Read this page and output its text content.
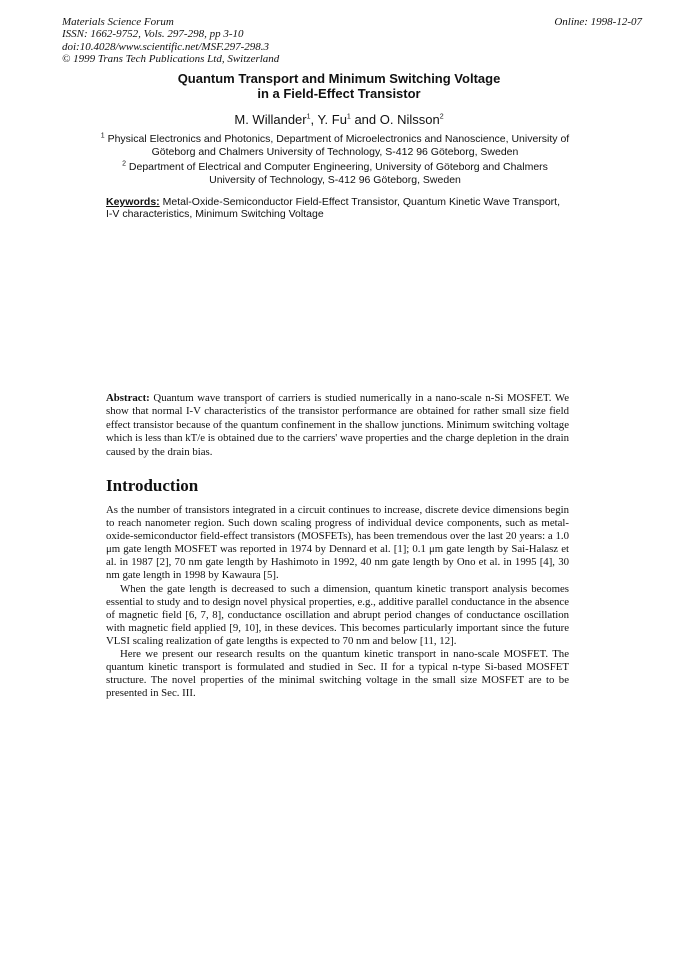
Materials Science Forum
ISSN: 1662-9752, Vols. 297-298, pp 3-10
doi:10.4028/www.scientific.net/MSF.297-298.3
© 1999 Trans Tech Publications Ltd, Switzerland
Online: 1998-12-07
Quantum Transport and Minimum Switching Voltage
in a Field-Effect Transistor
M. Willander$^1$, Y. Fu$^1$ and O. Nilsson$^2$
$^1$ Physical Electronics and Photonics, Department of Microelectronics and Nanoscience, University of Göteborg and Chalmers University of Technology, S-412 96 Göteborg, Sweden
$^2$ Department of Electrical and Computer Engineering, University of Göteborg and Chalmers University of Technology, S-412 96 Göteborg, Sweden
Keywords: Metal-Oxide-Semiconductor Field-Effect Transistor, Quantum Kinetic Wave Transport, I-V characteristics, Minimum Switching Voltage
Abstract: Quantum wave transport of carriers is studied numerically in a nano-scale n-Si MOSFET. We show that normal I-V characteristics of the transistor performance are obtained for rather small size field effect transistor because of the quantum confinement in the shallow junctions. Minimum switching voltage which is less than kT/e is obtained due to the carriers' wave properties and the charge depletion in the drain caused by the drain bias.
Introduction

As the number of transistors integrated in a circuit continues to increase, discrete device dimensions begin to reach nanometer region. Such down scaling progress of individual device components, such as metal-oxide-semiconductor field-effect transistors (MOSFETs), has been tremendous over the last 20 years: a 1.0 μm gate length MOSFET was reported in 1974 by Dennard et al. [1]; 0.1 μm gate length by Sai-Halasz et al. in 1987 [2], 70 nm gate length by Hashimoto in 1992, 40 nm gate length by Ono et al. in 1995 [4], 30 nm gate length in 1998 by Kawaura [5].

When the gate length is decreased to such a dimension, quantum kinetic transport analysis becomes essential to study and to design novel physical properties, e.g., additive parallel conductance in the absence of magnetic field [6, 7, 8], conductance oscillation and abrupt period changes of conductance oscillation with magnetic field applied [9, 10], in these devices. This becomes particularly important since the future VLSI scaling realization of gate lengths is expected to 70 nm and below [11, 12].

Here we present our research results on the quantum kinetic transport in nano-scale MOSFET. The quantum kinetic transport is formulated and studied in Sec. II for a typical n-type Si-based MOSFET structure. The novel properties of the minimal switching voltage in the small size MOSFET are to be presented in Sec. III.
